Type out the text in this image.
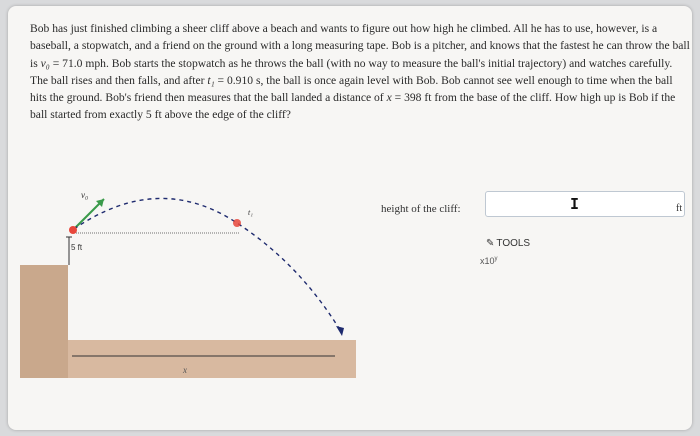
Bob has just finished climbing a sheer cliff above a beach and wants to figure out how high he climbed. All he has to use, however, is a baseball, a stopwatch, and a friend on the ground with a long measuring tape. Bob is a pitcher, and knows that the fastest he can throw the ball is v₀ = 71.0 mph. Bob starts the stopwatch as he throws the ball (with no way to measure the ball's initial trajectory) and watches carefully. The ball rises and then falls, and after t₁ = 0.910 s, the ball is once again level with Bob. Bob cannot see well enough to time when the ball hits the ground. Bob's friend then measures that the ball landed a distance of x = 398 ft from the base of the cliff. How high up is Bob if the ball started from exactly 5 ft above the edge of the cliff?
5 ft
v₀
t₁
x
height of the cliff:	I	ft
✎ TOOLS
x10$^y$
